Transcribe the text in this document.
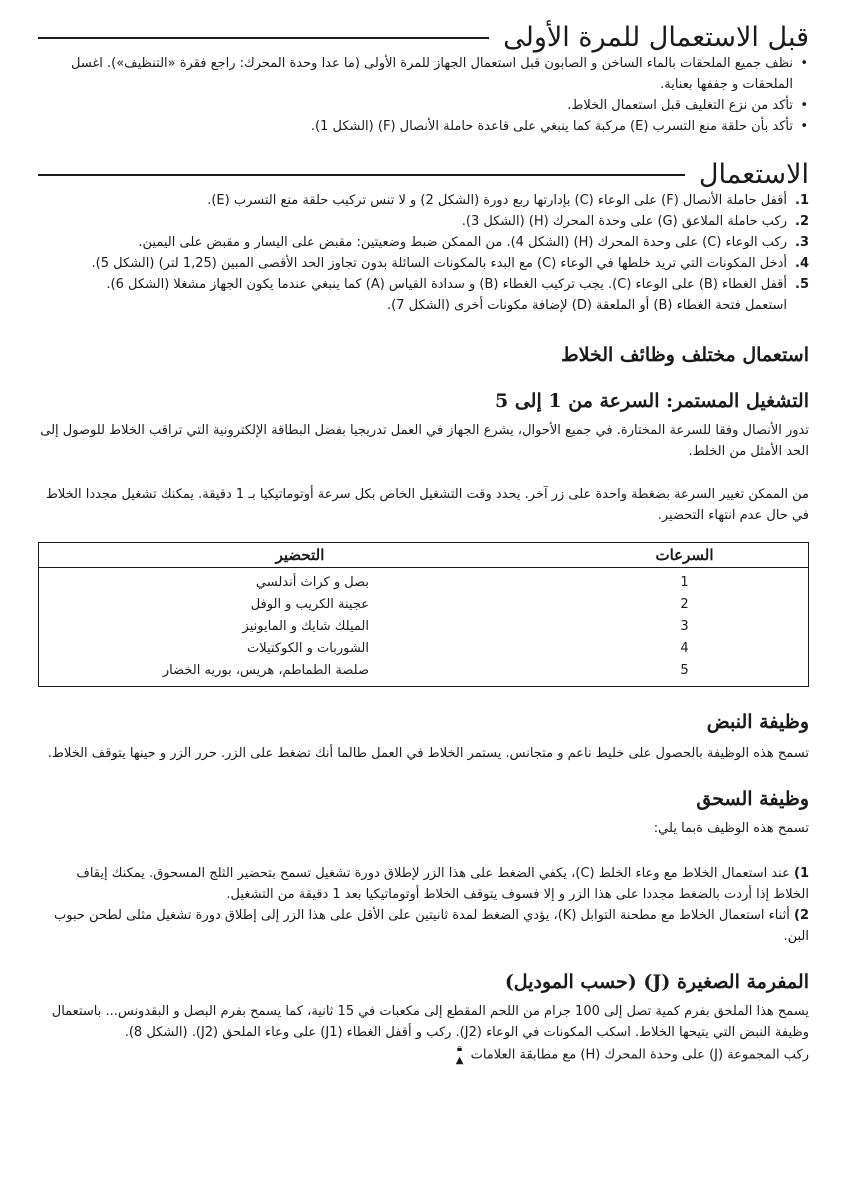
قبل الاستعمال للمرة الأولى
• نظف جميع الملحقات بالماء الساخن و الصابون قبل استعمال الجهاز للمرة الأولى (ما عدا وحدة المحرك: راجع فقرة «التنظيف»). اغسل الملحقات و جففها بعناية.
• تأكد من نزع التغليف قبل استعمال الخلاط.
• تأكد بأن حلقة منع التسرب (E) مركبة كما ينبغي على قاعدة حاملة الأنصال (F) (الشكل 1).
الاستعمال
1.
أقفل حاملة الأنصال (F) على الوعاء (C) بإدارتها ربع دورة (الشكل 2) و لا تنس تركيب حلقة منع التسرب (E).
2.
ركب حاملة الملاعق (G) على وحدة المحرك (H) (الشكل 3).
3.
ركب الوعاء (C) على وحدة المحرك (H) (الشكل 4). من الممكن ضبط وضعيتين: مقبض على اليسار و مقبض على اليمين.
4.
أدخل المكونات التي تريد خلطها في الوعاء (C) مع البدء بالمكونات السائلة بدون تجاوز الحد الأقصى المبين (1,25 لتر) (الشكل 5).
5.
أقفل الغطاء (B) على الوعاء (C). يجب تركيب الغطاء (B) و سدادة القياس (A) كما ينبغي عندما يكون الجهاز مشغلا (الشكل 6).
استعمل فتحة الغطاء (B) أو الملعقة (D) لإضافة مكونات أخرى (الشكل 7).
استعمال مختلف وظائف الخلاط
التشغيل المستمر: السرعة من 1 إلى 5

تدور الأنصال وفقا للسرعة المختارة. في جميع الأحوال، يشرع الجهاز في العمل تدريجيا بفضل البطاقة الإلكترونية التي تراقب الخلاط للوصول إلى الحد الأمثل من الخلط.

من الممكن تغيير السرعة بضغطة واحدة على زر آخر. يحدد وقت التشغيل الخاص بكل سرعة أوتوماتيكيا بـ 1 دقيقة. يمكنك تشغيل مجددا الخلاط في حال عدم انتهاء التحضير.

السرعات	التحضير
1	بصل و كراث أندلسي
2	عجينة الكريب و الوفل
3	الميلك شايك و المايونيز
4	الشوربات و الكوكتيلات
5	صلصة الطماطم، هريس، بوريه الخضار
وظيفة النبض

تسمح هذه الوظيفة بالحصول على خليط ناعم و متجانس. يستمر الخلاط في العمل طالما أنك تضغط على الزر. حرر الزر و حينها يتوقف الخلاط.

وظيفة السحق

تسمح هذه الوظيف ةبما يلي:

1) عند استعمال الخلاط مع وعاء الخلط (C)، يكفي الضغط على هذا الزر لإطلاق دورة تشغيل تسمح بتحضير الثلج المسحوق. يمكنك إيقاف الخلاط إذا أردت بالضغط مجددا على هذا الزر و إلا فسوف يتوقف الخلاط أوتوماتيكيا بعد 1 دقيقة من التشغيل.

2) أثناء استعمال الخلاط مع مطحنة التوابل (K)، يؤدي الضغط لمدة ثانيتين على الأقل على هذا الزر إلى إطلاق دورة تشغيل مثلى لطحن حبوب البن.

المفرمة الصغيرة (J) (حسب الموديل)

يسمح هذا الملحق بفرم كمية تصل إلى 100 جرام من اللحم المقطع إلى مكعبات في 15 ثانية، كما يسمح بفرم البصل و البقدونس... باستعمال وظيفة النبض التي يتيحها الخلاط. اسكب المكونات في الوعاء (J2). ركب و أقفل الغطاء (J1) على وعاء الملحق (J2). (الشكل 8).

ركب المجموعة (J) على وحدة المحرك (H) مع مطابقة العلامات
🔒︎
▲
